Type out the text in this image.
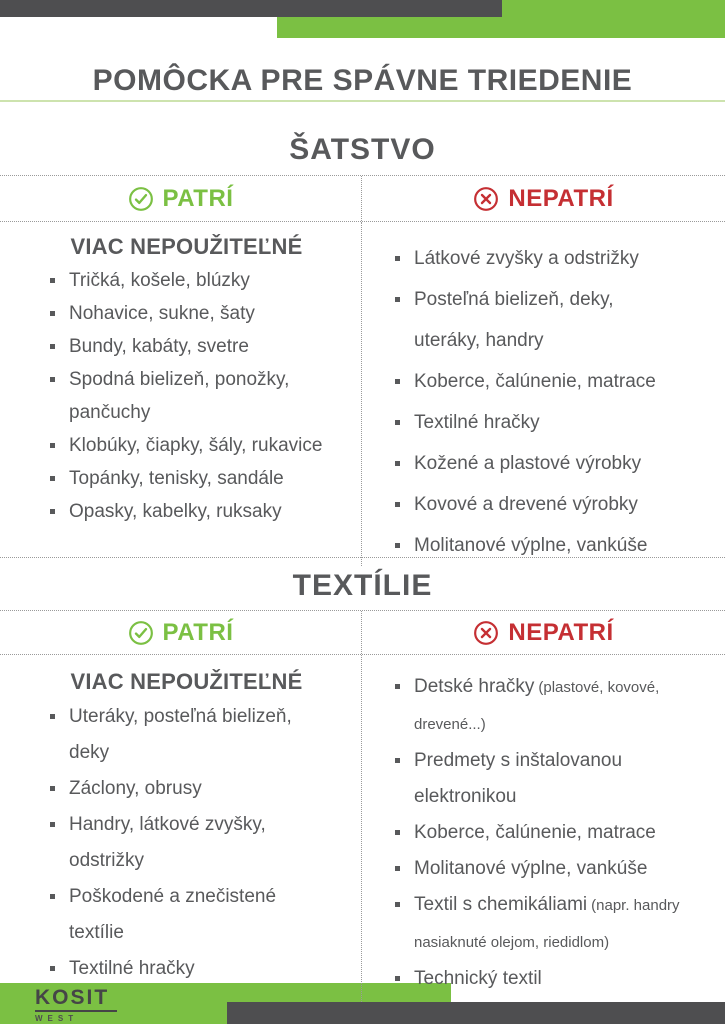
POMÔCKA PRE SPÁVNE TRIEDENIE
ŠATSTVO
PATRÍ	NEPATRÍ
VIAC NEPOUŽITEĽNÉ
Tričká, košele, blúzky
Nohavice, sukne, šaty
Bundy, kabáty, svetre
Spodná bielizeň, ponožky, pančuchy
Klobúky, čiapky, šály, rukavice
Topánky, tenisky, sandále
Opasky, kabelky, ruksaky
Látkové zvyšky a odstrižky
Posteľná bielizeň, deky, uteráky, handry
Koberce, čalúnenie, matrace
Textilné hračky
Kožené a plastové výrobky
Kovové a drevené výrobky
Molitanové výplne, vankúše
TEXTÍLIE
PATRÍ	NEPATRÍ
VIAC NEPOUŽITEĽNÉ
Uteráky, posteľná bielizeň, deky
Záclony, obrusy
Handry, látkové zvyšky, odstrižky
Poškodené a znečistené textílie
Textilné hračky
Detské hračky (plastové, kovové, drevené...)
Predmety s inštalovanou elektronikou
Koberce, čalúnenie, matrace
Molitanové výplne, vankúše
Textil s chemikáliami (napr. handry nasiaknuté olejom, riedidlom)
Technický textil
KOSIT
WEST
